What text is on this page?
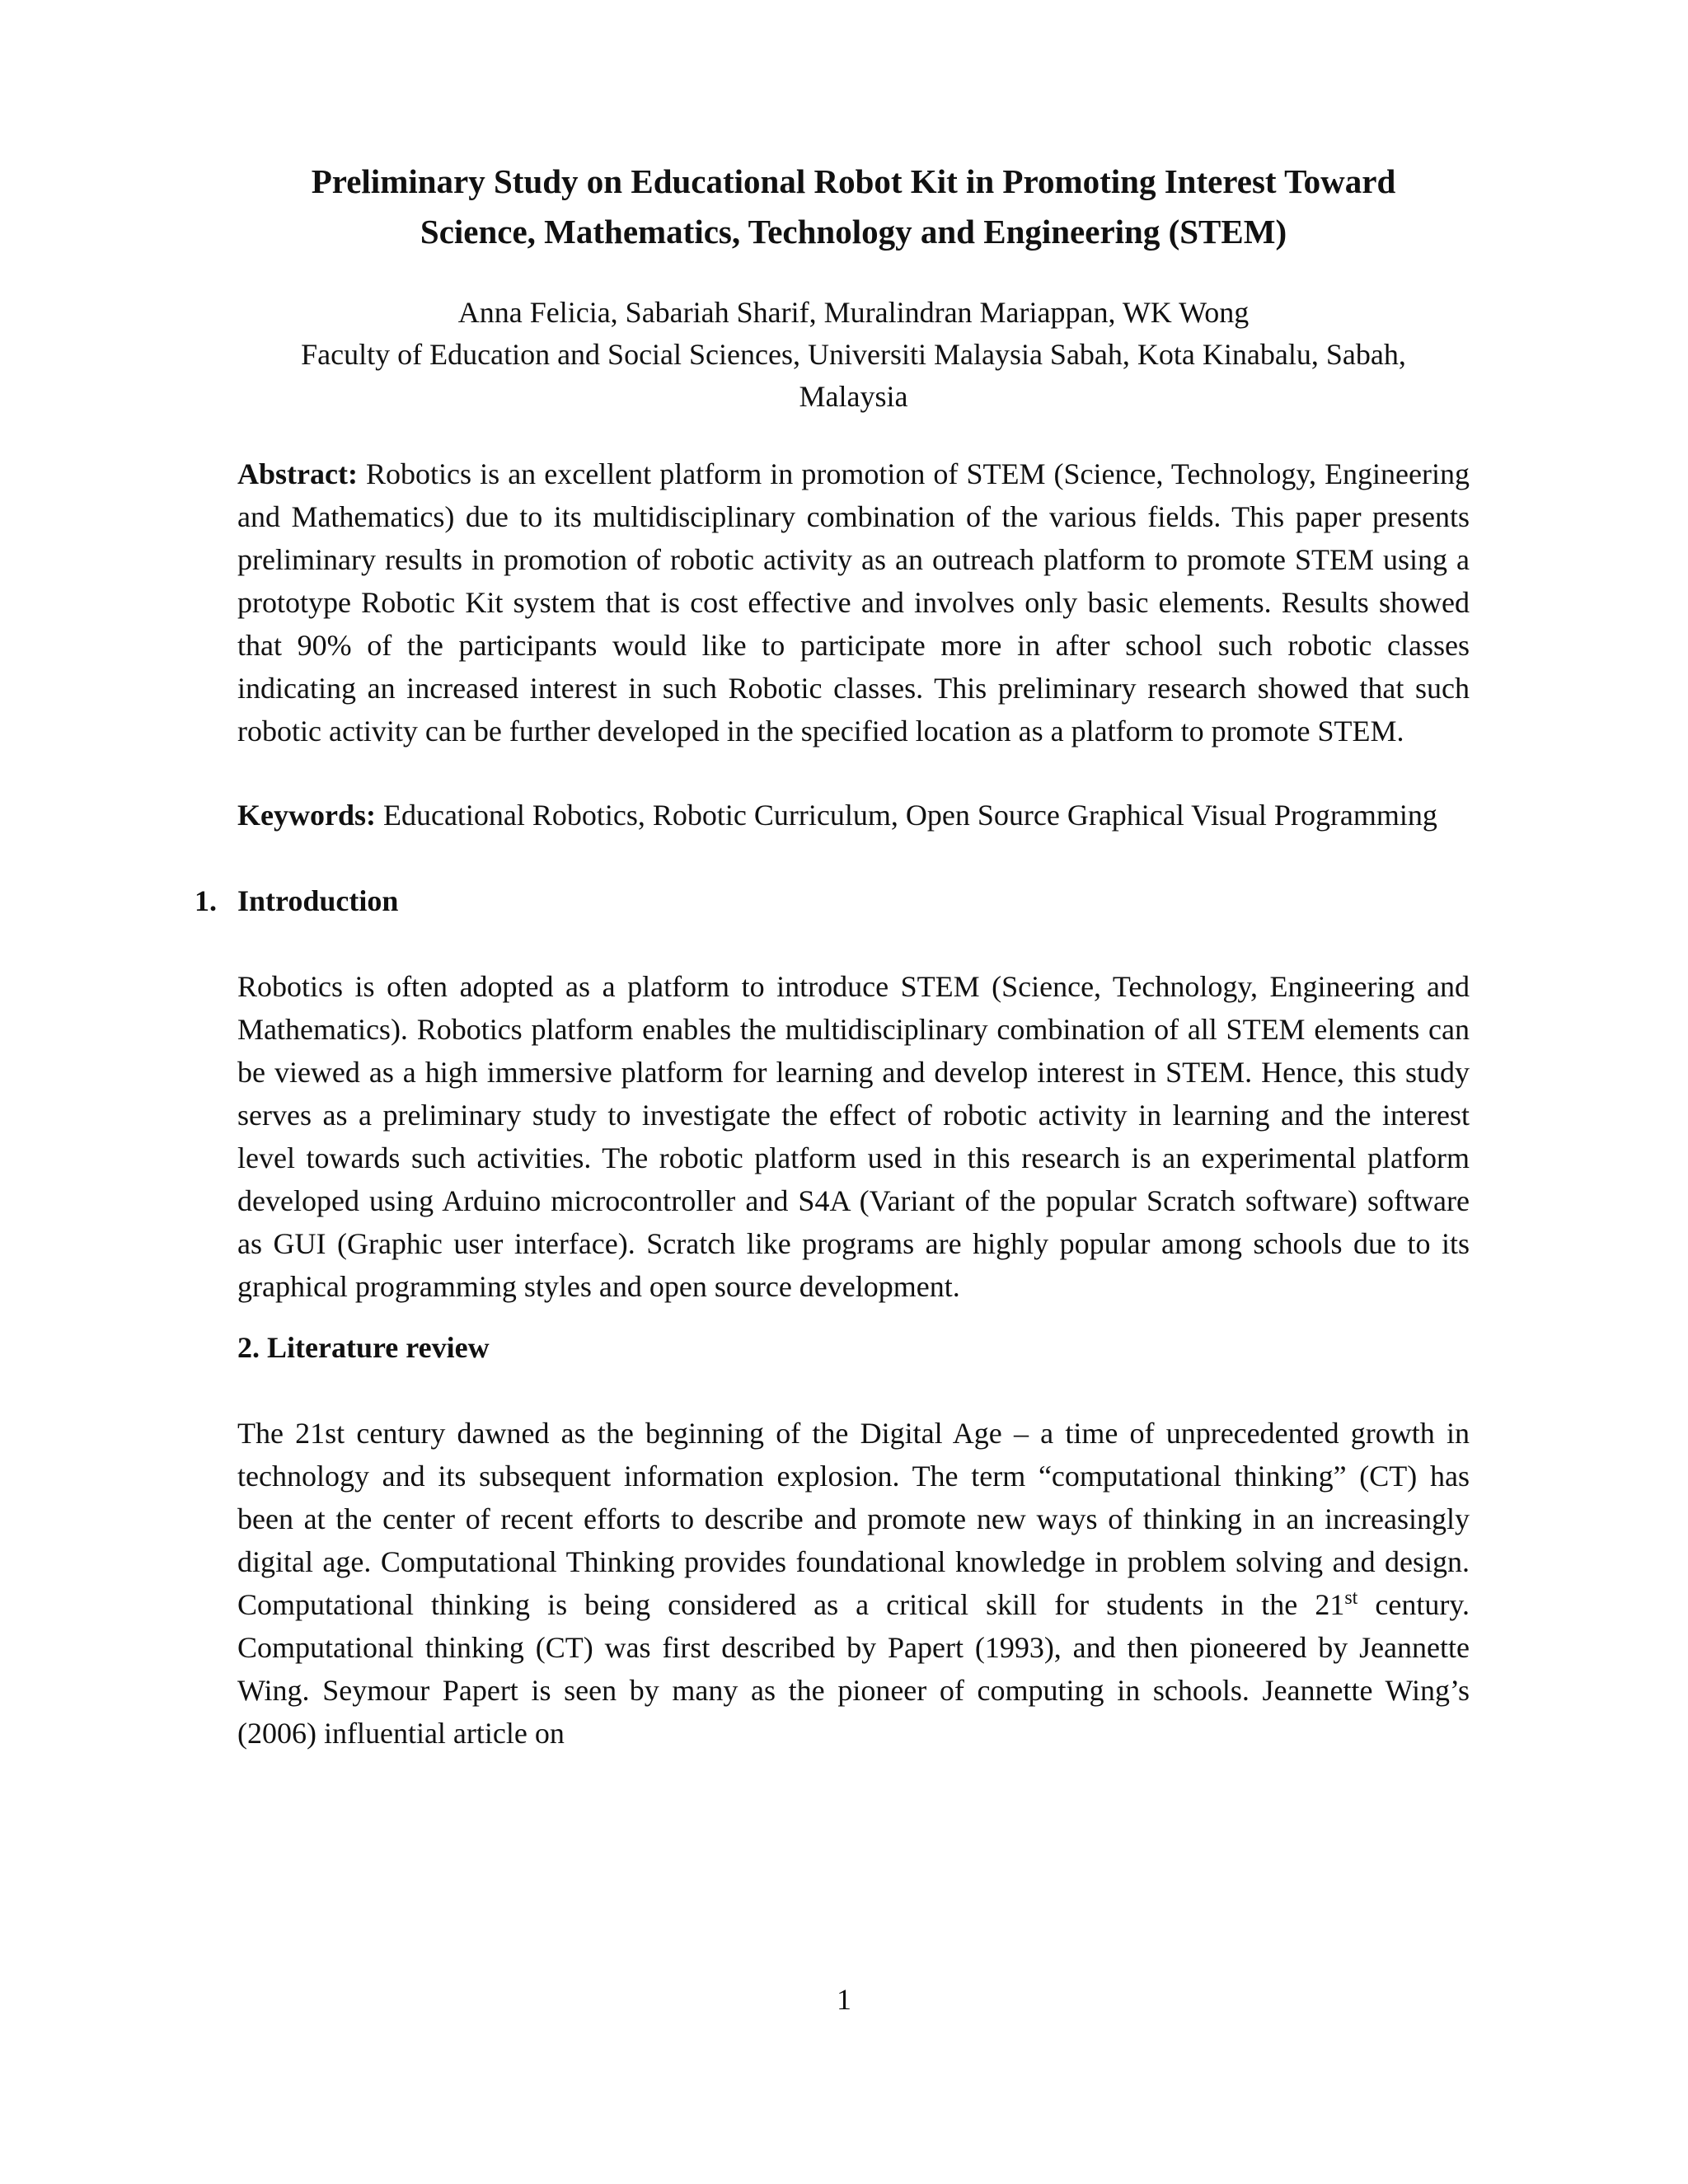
Preliminary Study on Educational Robot Kit in Promoting Interest Toward
Science, Mathematics, Technology and Engineering (STEM)
Anna Felicia, Sabariah Sharif, Muralindran Mariappan, WK Wong
Faculty of Education and Social Sciences, Universiti Malaysia Sabah, Kota Kinabalu, Sabah,
Malaysia

Abstract: Robotics is an excellent platform in promotion of STEM (Science, Technology, Engineering and Mathematics) due to its multidisciplinary combination of the various fields. This paper presents preliminary results in promotion of robotic activity as an outreach platform to promote STEM using a prototype Robotic Kit system that is cost effective and involves only basic elements. Results showed that 90% of the participants would like to participate more in after school such robotic classes indicating an increased interest in such Robotic classes. This preliminary research showed that such robotic activity can be further developed in the specified location as a platform to promote STEM.

Keywords: Educational Robotics, Robotic Curriculum, Open Source Graphical Visual Programming

1. Introduction

Robotics is often adopted as a platform to introduce STEM (Science, Technology, Engineering and Mathematics). Robotics platform enables the multidisciplinary combination of all STEM elements can be viewed as a high immersive platform for learning and develop interest in STEM. Hence, this study serves as a preliminary study to investigate the effect of robotic activity in learning and the interest level towards such activities. The robotic platform used in this research is an experimental platform developed using Arduino microcontroller and S4A (Variant of the popular Scratch software) software as GUI (Graphic user interface). Scratch like programs are highly popular among schools due to its graphical programming styles and open source development.

2. Literature review

The 21st century dawned as the beginning of the Digital Age – a time of unprecedented growth in technology and its subsequent information explosion. The term “computational thinking” (CT) has been at the center of recent efforts to describe and promote new ways of thinking in an increasingly digital age. Computational Thinking provides foundational knowledge in problem solving and design. Computational thinking is being considered as a critical skill for students in the 21st century. Computational thinking (CT) was first described by Papert (1993), and then pioneered by Jeannette Wing. Seymour Papert is seen by many as the pioneer of computing in schools. Jeannette Wing’s (2006) influential article on

1
